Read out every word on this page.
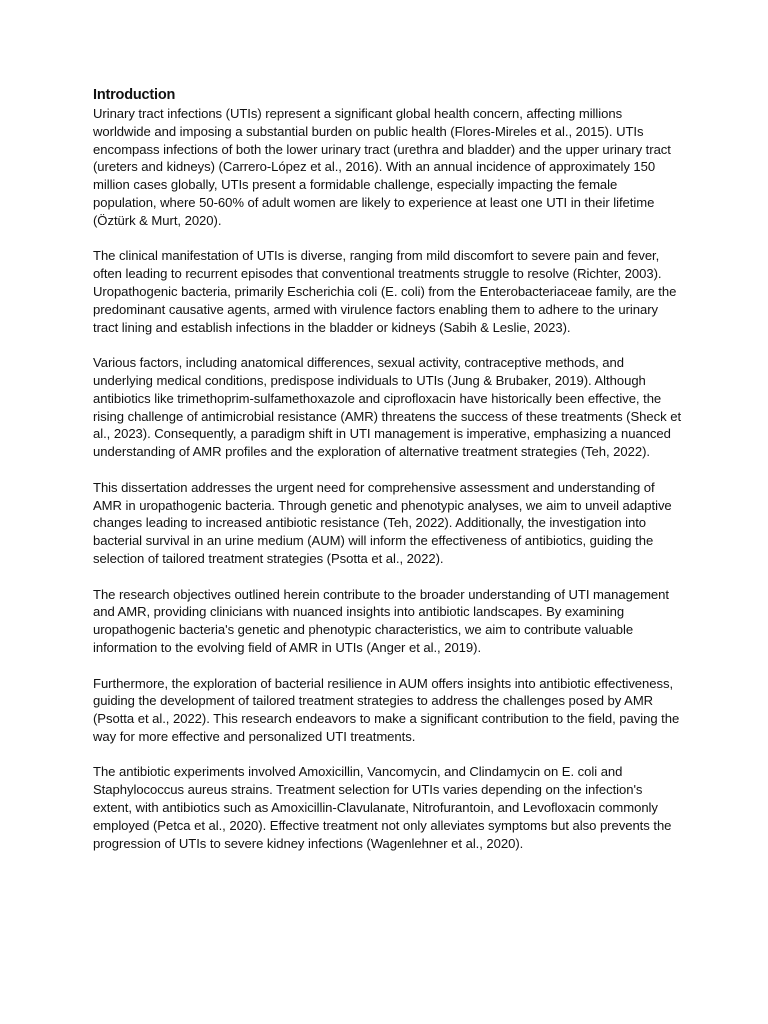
Introduction

Urinary tract infections (UTIs) represent a significant global health concern, affecting millions worldwide and imposing a substantial burden on public health (Flores-Mireles et al., 2015). UTIs encompass infections of both the lower urinary tract (urethra and bladder) and the upper urinary tract (ureters and kidneys) (Carrero-López et al., 2016). With an annual incidence of approximately 150 million cases globally, UTIs present a formidable challenge, especially impacting the female population, where 50-60% of adult women are likely to experience at least one UTI in their lifetime (Öztürk & Murt, 2020).

The clinical manifestation of UTIs is diverse, ranging from mild discomfort to severe pain and fever, often leading to recurrent episodes that conventional treatments struggle to resolve (Richter, 2003). Uropathogenic bacteria, primarily Escherichia coli (E. coli) from the Enterobacteriaceae family, are the predominant causative agents, armed with virulence factors enabling them to adhere to the urinary tract lining and establish infections in the bladder or kidneys (Sabih & Leslie, 2023).

Various factors, including anatomical differences, sexual activity, contraceptive methods, and underlying medical conditions, predispose individuals to UTIs (Jung & Brubaker, 2019). Although antibiotics like trimethoprim-sulfamethoxazole and ciprofloxacin have historically been effective, the rising challenge of antimicrobial resistance (AMR) threatens the success of these treatments (Sheck et al., 2023). Consequently, a paradigm shift in UTI management is imperative, emphasizing a nuanced understanding of AMR profiles and the exploration of alternative treatment strategies (Teh, 2022).

This dissertation addresses the urgent need for comprehensive assessment and understanding of AMR in uropathogenic bacteria. Through genetic and phenotypic analyses, we aim to unveil adaptive changes leading to increased antibiotic resistance (Teh, 2022). Additionally, the investigation into bacterial survival in an urine medium (AUM) will inform the effectiveness of antibiotics, guiding the selection of tailored treatment strategies (Psotta et al., 2022).

The research objectives outlined herein contribute to the broader understanding of UTI management and AMR, providing clinicians with nuanced insights into antibiotic landscapes. By examining uropathogenic bacteria's genetic and phenotypic characteristics, we aim to contribute valuable information to the evolving field of AMR in UTIs (Anger et al., 2019).

Furthermore, the exploration of bacterial resilience in AUM offers insights into antibiotic effectiveness, guiding the development of tailored treatment strategies to address the challenges posed by AMR (Psotta et al., 2022). This research endeavors to make a significant contribution to the field, paving the way for more effective and personalized UTI treatments.

The antibiotic experiments involved Amoxicillin, Vancomycin, and Clindamycin on E. coli and Staphylococcus aureus strains. Treatment selection for UTIs varies depending on the infection's extent, with antibiotics such as Amoxicillin-Clavulanate, Nitrofurantoin, and Levofloxacin commonly employed (Petca et al., 2020). Effective treatment not only alleviates symptoms but also prevents the progression of UTIs to severe kidney infections (Wagenlehner et al., 2020).
